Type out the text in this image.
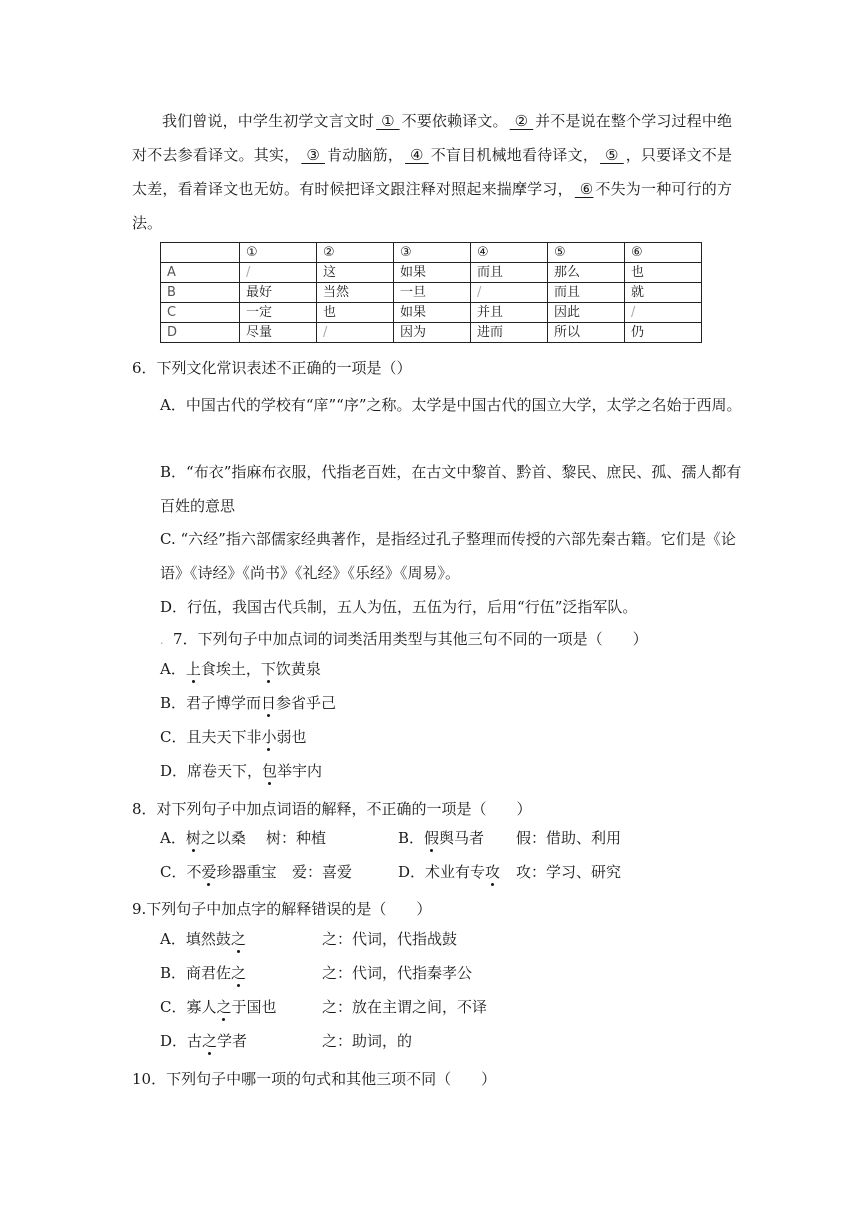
我们曾说，中学生初学文言文时 ① 不要依赖译文。 ② 并不是说在整个学习过程中绝对不去参看译文。其实， ③ 肯动脑筋， ④ 不盲目机械地看待译文， ⑤ ，只要译文不是太差，看着译文也无妨。有时候把译文跟注释对照起来揣摩学习， ⑥ 不失为一种可行的方法。

	①	②	③	④	⑤	⑥
A	/	这	如果	而且	那么	也
B	最好	当然	一旦	/	而且	就
C	一定	也	如果	并且	因此	/
D	尽量	/	因为	进而	所以	仍

6．下列文化常识表述不正确的一项是（）

A．中国古代的学校有“庠”“序”之称。太学是中国古代的国立大学，太学之名始于西周。

B．“布衣”指麻布衣服，代指老百姓，在古文中黎首、黔首、黎民、庶民、孤、孺人都有百姓的意思

C. “六经”指六部儒家经典著作，是指经过孔子整理而传授的六部先秦古籍。它们是《论语》《诗经》《尚书》《礼经》《乐经》《周易》。

D．行伍，我国古代兵制，五人为伍，五伍为行，后用“行伍”泛指军队。

. 7．下列句子中加点词的词类活用类型与其他三句不同的一项是（　　）

A．上食埃土，下饮黄泉

B．君子博学而日参省乎己

C．且夫天下非小弱也

D．席卷天下，包举宇内

8．对下列句子中加点词语的解释，不正确的一项是（　　）

A．树之以桑 树：种植	B．假舆马者 假：借助、利用

C．不爱珍器重宝 爱：喜爱	D．术业有专攻 攻：学习、研究

9.下列句子中加点字的解释错误的是（　　）

A．填然鼓之	之：代词，代指战鼓

B．商君佐之	之：代词，代指秦孝公

C．寡人之于国也	之：放在主谓之间，不译

D．古之学者	之：助词，的

10．下列句子中哪一项的句式和其他三项不同（　　）
